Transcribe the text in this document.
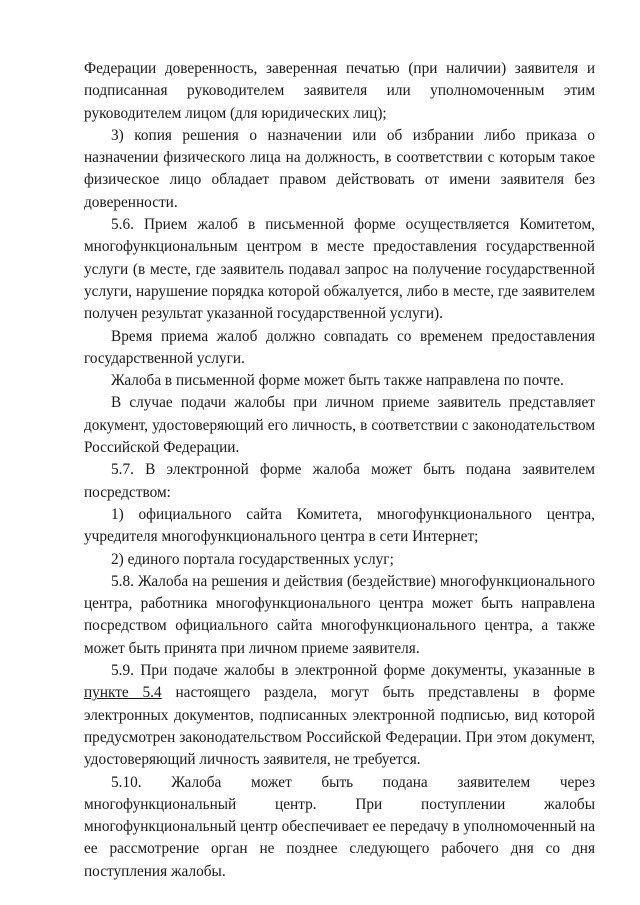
Федерации доверенность, заверенная печатью (при наличии) заявителя и подписанная руководителем заявителя или уполномоченным этим руководителем лицом (для юридических лиц);

3) копия решения о назначении или об избрании либо приказа о назначении физического лица на должность, в соответствии с которым такое физическое лицо обладает правом действовать от имени заявителя без доверенности.

5.6. Прием жалоб в письменной форме осуществляется Комитетом, многофункциональным центром в месте предоставления государственной услуги (в месте, где заявитель подавал запрос на получение государственной услуги, нарушение порядка которой обжалуется, либо в месте, где заявителем получен результат указанной государственной услуги).

Время приема жалоб должно совпадать со временем предоставления государственной услуги.

Жалоба в письменной форме может быть также направлена по почте.

В случае подачи жалобы при личном приеме заявитель представляет документ, удостоверяющий его личность, в соответствии с законодательством Российской Федерации.

5.7. В электронной форме жалоба может быть подана заявителем посредством:

1) официального сайта Комитета, многофункционального центра, учредителя многофункционального центра в сети Интернет;

2) единого портала государственных услуг;

5.8. Жалоба на решения и действия (бездействие) многофункционального центра, работника многофункционального центра может быть направлена посредством официального сайта многофункционального центра, а также может быть принята при личном приеме заявителя.

5.9. При подаче жалобы в электронной форме документы, указанные в пункте 5.4 настоящего раздела, могут быть представлены в форме электронных документов, подписанных электронной подписью, вид которой предусмотрен законодательством Российской Федерации. При этом документ, удостоверяющий личность заявителя, не требуется.

5.10. Жалоба может быть подана заявителем через многофункциональный центр. При поступлении жалобы многофункциональный центр обеспечивает ее передачу в уполномоченный на ее рассмотрение орган не позднее следующего рабочего дня со дня поступления жалобы.
